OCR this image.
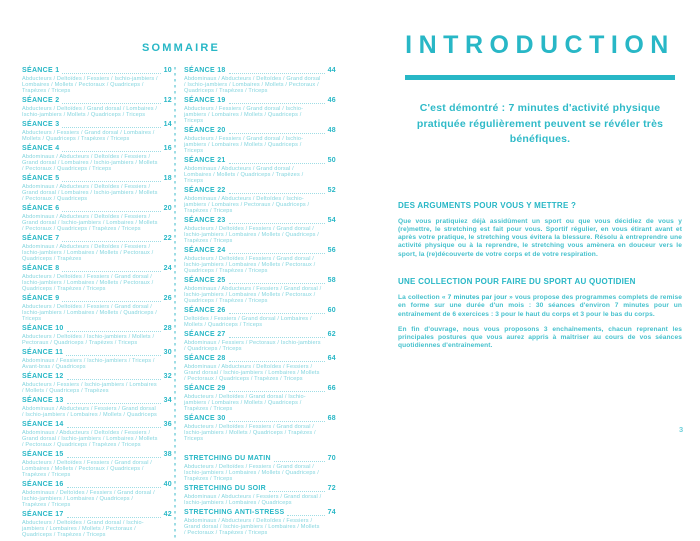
SOMMAIRE
SÉANCE 1	10
Abducteurs / Deltoïdes / Fessiers / Ischio-jambiers / Lombaires / Mollets / Pectoraux / Quadriceps / Trapèzes / Triceps
SÉANCE 2	12
Abducteurs / Deltoïdes / Grand dorsal / Lombaires / Ischio-jambiers / Mollets / Quadriceps / Triceps
SÉANCE 3	14
Abducteurs / Fessiers / Grand dorsal / Lombaires / Mollets / Quadriceps / Trapèzes / Triceps
SÉANCE 4	16
Abdominaux / Abducteurs / Deltoïdes / Fessiers / Grand dorsal / Lombaires / Ischio-jambiers / Mollets / Pectoraux / Quadriceps / Triceps
SÉANCE 5	18
Abdominaux / Abducteurs / Deltoïdes / Fessiers / Grand dorsal / Lombaires / Ischio-jambiers / Mollets / Pectoraux / Quadriceps
SÉANCE 6	20
Abdominaux / Abducteurs / Deltoïdes / Fessiers / Grand dorsal / Ischio-jambiers / Lombaires / Mollets / Pectoraux / Quadriceps / Trapèzes / Triceps
SÉANCE 7	22
Abdominaux / Abducteurs / Deltoïdes / Fessiers / Ischio-jambiers / Lombaires / Mollets / Pectoraux / Quadriceps / Trapèzes
SÉANCE 8	24
Abducteurs / Deltoïdes / Fessiers / Grand dorsal / Ischio-jambiers / Lombaires / Mollets / Pectoraux / Quadriceps / Trapèzes / Triceps
SÉANCE 9	26
Abducteurs / Deltoïdes / Fessiers / Grand dorsal / Ischio-jambiers / Lombaires / Mollets / Quadriceps / Triceps
SÉANCE 10	28
Abducteurs / Deltoïdes / Ischio-jambiers / Mollets / Pectoraux / Quadriceps / Trapèzes / Triceps
SÉANCE 11	30
Abdominaux / Fessiers / Ischio-jambiers / Triceps / Avant-bras / Quadriceps
SÉANCE 12	32
Abducteurs / Fessiers / Ischio-jambiers / Lombaires / Mollets / Quadriceps / Trapèzes
SÉANCE 13	34
Abdominaux / Abducteurs / Fessiers / Grand dorsal / Ischio-jambiers / Lombaires / Mollets / Quadriceps
SÉANCE 14	36
Abdominaux / Abducteurs / Deltoïdes / Fessiers / Grand dorsal / Ischio-jambiers / Lombaires / Mollets / Pectoraux / Quadriceps / Trapèzes / Triceps
SÉANCE 15	38
Abducteurs / Deltoïdes / Fessiers / Grand dorsal / Lombaires / Mollets / Pectoraux / Quadriceps / Trapèzes / Triceps
SÉANCE 16	40
Abdominaux / Deltoïdes / Fessiers / Grand dorsal / Ischio-jambiers / Lombaires / Quadriceps / Trapèzes / Triceps
SÉANCE 17	42
Abducteurs / Deltoïdes / Grand dorsal / Ischio-jambiers / Lombaires / Mollets / Pectoraux / Quadriceps / Trapèzes / Triceps
SÉANCE 18	44
Abdominaux / Abducteurs / Deltoïdes / Grand dorsal / Ischio-jambiers / Lombaires / Mollets / Pectoraux / Quadriceps / Trapèzes / Triceps
SÉANCE 19	46
Abducteurs / Fessiers / Grand dorsal / Ischio-jambiers / Lombaires / Mollets / Quadriceps / Triceps
SÉANCE 20	48
Abducteurs / Fessiers / Grand dorsal / Ischio-jambiers / Lombaires / Mollets / Quadriceps / Triceps
SÉANCE 21	50
Abdominaux / Abducteurs / Grand dorsal / Lombaires / Mollets / Quadriceps / Trapèzes / Triceps
SÉANCE 22	52
Abdominaux / Abducteurs / Deltoïdes / Ischio-jambiers / Lombaires / Pectoraux / Quadriceps / Trapèzes / Triceps
SÉANCE 23	54
Abducteurs / Deltoïdes / Fessiers / Grand dorsal / Ischio-jambiers / Lombaires / Mollets / Quadriceps / Trapèzes / Triceps
SÉANCE 24	56
Abducteurs / Deltoïdes / Fessiers / Grand dorsal / Ischio-jambiers / Lombaires / Mollets / Pectoraux / Quadriceps / Trapèzes / Triceps
SÉANCE 25	58
Abdominaux / Abducteurs / Fessiers / Grand dorsal / Ischio-jambiers / Lombaires / Mollets / Pectoraux / Quadriceps / Trapèzes / Triceps
SÉANCE 26	60
Deltoïdes / Fessiers / Grand dorsal / Lombaires / Mollets / Quadriceps / Triceps
SÉANCE 27	62
Abdominaux / Fessiers / Pectoraux / Ischio-jambiers / Quadriceps / Triceps
SÉANCE 28	64
Abdominaux / Abducteurs / Deltoïdes / Fessiers / Grand dorsal / Ischio-jambiers / Lombaires / Mollets / Pectoraux / Quadriceps / Trapèzes / Triceps
SÉANCE 29	66
Abducteurs / Deltoïdes / Grand dorsal / Ischio-jambiers / Lombaires / Mollets / Quadriceps / Trapèzes / Triceps
SÉANCE 30	68
Abducteurs / Deltoïdes / Fessiers / Grand dorsal / Ischio-jambiers / Mollets / Quadriceps / Trapèzes / Triceps
STRETCHING DU MATIN	70
Abducteurs / Deltoïdes / Fessiers / Grand dorsal / Ischio-jambiers / Lombaires / Mollets / Quadriceps / Trapèzes / Triceps
STRETCHING DU SOIR	72
Abdominaux / Abducteurs / Fessiers / Grand dorsal / Ischio-jambiers / Lombaires / Quadriceps
STRETCHING ANTI-STRESS	74
Abdominaux / Abducteurs / Deltoïdes / Fessiers / Grand dorsal / Ischio-jambiers / Lombaires / Mollets / Pectoraux / Trapèzes / Triceps
INTRODUCTION

C'est démontré : 7 minutes d'activité physique pratiquée régulièrement peuvent se révéler très bénéfiques.

DES ARGUMENTS POUR VOUS Y METTRE ?

Que vous pratiquiez déjà assidûment un sport ou que vous décidiez de vous y (re)mettre, le stretching est fait pour vous. Sportif régulier, en vous étirant avant et après votre pratique, le stretching vous évitera la blessure. Résolu à entreprendre une activité physique ou à la reprendre, le stretching vous amènera en douceur vers le sport, la (re)découverte de votre corps et de votre respiration.

UNE COLLECTION POUR FAIRE DU SPORT AU QUOTIDIEN

La collection « 7 minutes par jour » vous propose des programmes complets de remise en forme sur une durée d'un mois : 30 séances d'environ 7 minutes pour un entraînement de 6 exercices : 3 pour le haut du corps et 3 pour le bas du corps.

En fin d'ouvrage, nous vous proposons 3 enchaînements, chacun reprenant les principales postures que vous aurez appris à maîtriser au cours de vos séances quotidiennes d'entraînement.

3
